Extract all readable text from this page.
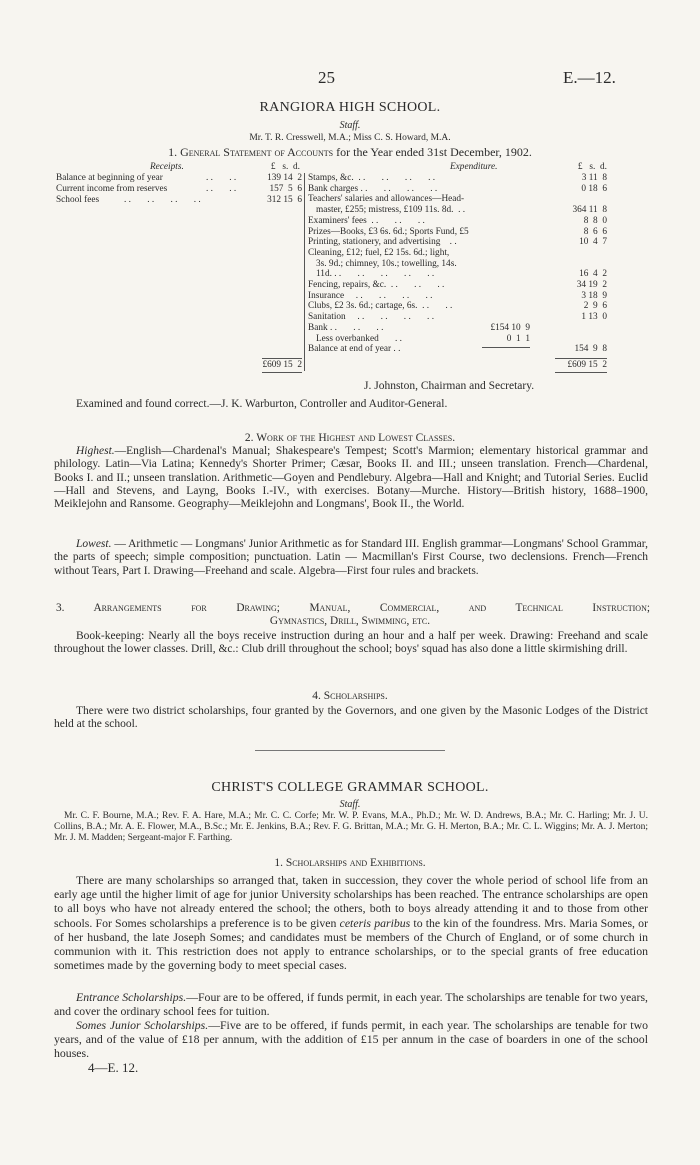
25	E.—12.
RANGIORA HIGH SCHOOL.
Staff.
Mr. T. R. Cresswell, M.A.; Miss C. S. Howard, M.A.
1. General Statement of Accounts for the Year ended 31st December, 1902.
Receipts.	£   s.  d.	Expenditure.	£   s.  d.
Balance at beginning of year	. .       . .	139 14  2
Current income from reserves	. .       . .	157  5  6
School fees	. .       . .       . .       . .	312 15  6
Stamps, &c.  . .       . .       . .       . .	3 11  8
Bank charges . .       . .       . .       . .	0 18  6
Teachers' salaries and allowances—Head-
master, £255; mistress, £109 11s. 8d.  . .	364 11  8
Examiners' fees  . .       . .       . .	8  8  0
Prizes—Books, £3 6s. 6d.; Sports Fund, £5	8  6  6
Printing, stationery, and advertising    . .	10  4  7
Cleaning, £12; fuel, £2 15s. 6d.; light,
3s. 9d.; chimney, 10s.; towelling, 14s.
11d. . .       . .       . .       . .       . .	16  4  2
Fencing, repairs, &c.  . .       . .       . .	34 19  2
Insurance     . .       . .       . .       . .	3 18  9
Clubs, £2 3s. 6d.; cartage, 6s.  . .       . .	2  9  6
Sanitation     . .       . .       . .       . .	1 13  0
Bank . .       . .       . .	£154 10  9
Less overbanked       . .	0  1  1
Balance at end of year . .	154  9  8
£609 15  2	£609 15  2
J. Johnston, Chairman and Secretary.
Examined and found correct.—J. K. Warburton, Controller and Auditor-General.
2. Work of the Highest and Lowest Classes.
Highest.—English—Chardenal's Manual; Shakespeare's Tempest; Scott's Marmion; elementary historical grammar and philology. Latin—Via Latina; Kennedy's Shorter Primer; Cæsar, Books II. and III.; unseen translation. French—Chardenal, Books I. and II.; unseen translation. Arithmetic—Goyen and Pendlebury. Algebra—Hall and Knight; and Tutorial Series. Euclid—Hall and Stevens, and Layng, Books I.-IV., with exercises. Botany—Murche. History—British history, 1688–1900, Meiklejohn and Ransome. Geography—Meiklejohn and Longmans', Book II., the World.
Lowest. — Arithmetic — Longmans' Junior Arithmetic as for Standard III. English grammar—Longmans' School Grammar, the parts of speech; simple composition; punctuation. Latin — Macmillan's First Course, two declensions. French—French without Tears, Part I. Drawing—Freehand and scale. Algebra—First four rules and brackets.
3. Arrangements for Drawing; Manual, Commercial, and Technical Instruction;
Gymnastics, Drill, Swimming, etc.
Book-keeping: Nearly all the boys receive instruction during an hour and a half per week. Drawing: Freehand and scale throughout the lower classes. Drill, &c.: Club drill throughout the school; boys' squad has also done a little skirmishing drill.
4. Scholarships.
There were two district scholarships, four granted by the Governors, and one given by the Masonic Lodges of the District held at the school.
CHRIST'S COLLEGE GRAMMAR SCHOOL.
Staff.
Mr. C. F. Bourne, M.A.; Rev. F. A. Hare, M.A.; Mr. C. C. Corfe; Mr. W. P. Evans, M.A., Ph.D.; Mr. W. D. Andrews, B.A.; Mr. C. Harling; Mr. J. U. Collins, B.A.; Mr. A. E. Flower, M.A., B.Sc.; Mr. E. Jenkins, B.A.; Rev. F. G. Brittan, M.A.; Mr. G. H. Merton, B.A.; Mr. C. L. Wiggins; Mr. A. J. Merton; Mr. J. M. Madden; Sergeant-major F. Farthing.
1. Scholarships and Exhibitions.
There are many scholarships so arranged that, taken in succession, they cover the whole period of school life from an early age until the higher limit of age for junior University scholarships has been reached. The entrance scholarships are open to all boys who have not already entered the school; the others, both to boys already attending it and to those from other schools. For Somes scholarships a preference is to be given ceteris paribus to the kin of the foundress. Mrs. Maria Somes, or of her husband, the late Joseph Somes; and candidates must be members of the Church of England, or of some church in communion with it. This restriction does not apply to entrance scholarships, or to the special grants of free education sometimes made by the governing body to meet special cases.
Entrance Scholarships.—Four are to be offered, if funds permit, in each year. The scholarships are tenable for two years, and cover the ordinary school fees for tuition.
Somes Junior Scholarships.—Five are to be offered, if funds permit, in each year. The scholarships are tenable for two years, and of the value of £18 per annum, with the addition of £15 per annum in the case of boarders in one of the school houses.
4—E. 12.
